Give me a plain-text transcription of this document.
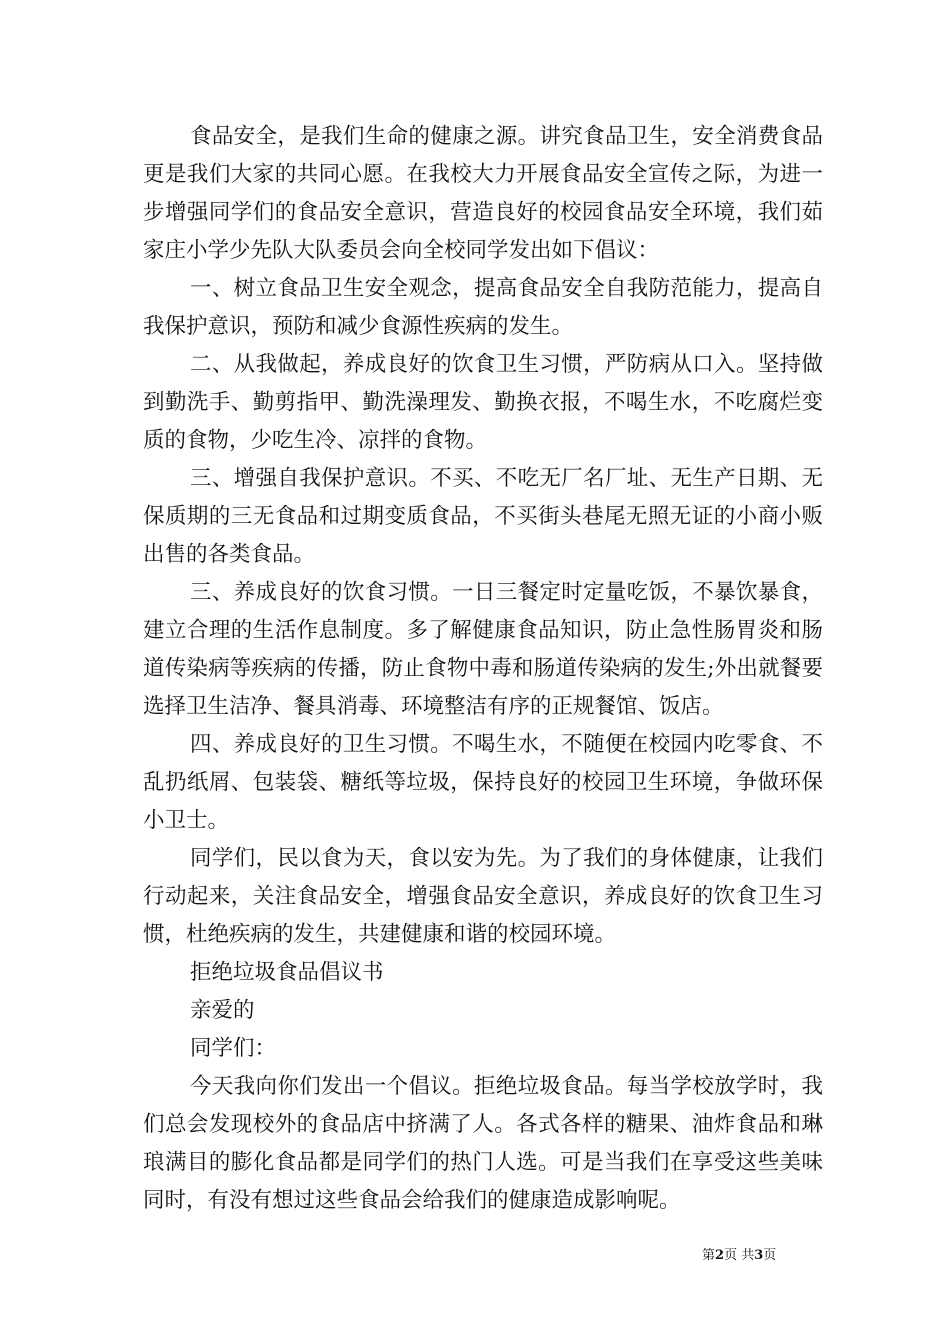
食品安全，是我们生命的健康之源。讲究食品卫生，安全消费食品更是我们大家的共同心愿。在我校大力开展食品安全宣传之际，为进一步增强同学们的食品安全意识，营造良好的校园食品安全环境，我们茹家庄小学少先队大队委员会向全校同学发出如下倡议：

一、树立食品卫生安全观念，提高食品安全自我防范能力，提高自我保护意识，预防和减少食源性疾病的发生。

二、从我做起，养成良好的饮食卫生习惯，严防病从口入。坚持做到勤洗手、勤剪指甲、勤洗澡理发、勤换衣报，不喝生水，不吃腐烂变质的食物，少吃生冷、凉拌的食物。

三、增强自我保护意识。不买、不吃无厂名厂址、无生产日期、无保质期的三无食品和过期变质食品，不买街头巷尾无照无证的小商小贩出售的各类食品。

三、养成良好的饮食习惯。一日三餐定时定量吃饭，不暴饮暴食，建立合理的生活作息制度。多了解健康食品知识，防止急性肠胃炎和肠道传染病等疾病的传播，防止食物中毒和肠道传染病的发生;外出就餐要选择卫生洁净、餐具消毒、环境整洁有序的正规餐馆、饭店。

四、养成良好的卫生习惯。不喝生水，不随便在校园内吃零食、不乱扔纸屑、包装袋、糖纸等垃圾，保持良好的校园卫生环境，争做环保小卫士。

同学们，民以食为天，食以安为先。为了我们的身体健康，让我们行动起来，关注食品安全，增强食品安全意识，养成良好的饮食卫生习惯，杜绝疾病的发生，共建健康和谐的校园环境。

拒绝垃圾食品倡议书

亲爱的

同学们：

今天我向你们发出一个倡议。拒绝垃圾食品。每当学校放学时，我们总会发现校外的食品店中挤满了人。各式各样的糖果、油炸食品和琳琅满目的膨化食品都是同学们的热门人选。可是当我们在享受这些美味同时，有没有想过这些食品会给我们的健康造成影响呢。

第2页 共3页
